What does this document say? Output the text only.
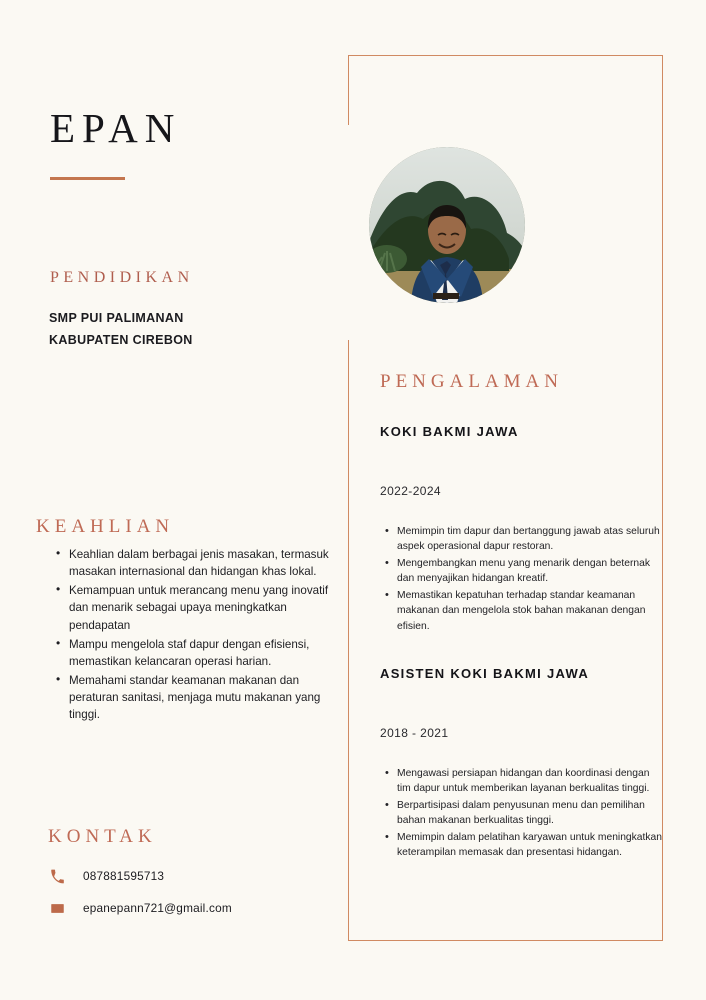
EPAN
PENDIDIKAN
SMP PUI PALIMANAN
KABUPATEN CIREBON
KEAHLIAN
• Keahlian dalam berbagai jenis masakan, termasuk masakan internasional dan hidangan khas lokal.
• Kemampuan untuk merancang menu yang inovatif dan menarik sebagai upaya meningkatkan pendapatan
• Mampu mengelola staf dapur dengan efisiensi, memastikan kelancaran operasi harian.
• Memahami standar keamanan makanan dan peraturan sanitasi, menjaga mutu makanan yang tinggi.
KONTAK
087881595713
epanepann721@gmail.com
PENGALAMAN

KOKI BAKMI JAWA

2022-2024

• Memimpin tim dapur dan bertanggung jawab atas seluruh aspek operasional dapur restoran.
• Mengembangkan menu yang menarik dengan beternak dan menyajikan hidangan kreatif.
• Memastikan kepatuhan terhadap standar keamanan makanan dan mengelola stok bahan makanan dengan efisien.

ASISTEN KOKI BAKMI JAWA

2018 - 2021

• Mengawasi persiapan hidangan dan koordinasi dengan tim dapur untuk memberikan layanan berkualitas tinggi.
• Berpartisipasi dalam penyusunan menu dan pemilihan bahan makanan berkualitas tinggi.
• Memimpin dalam pelatihan karyawan untuk meningkatkan keterampilan memasak dan presentasi hidangan.
